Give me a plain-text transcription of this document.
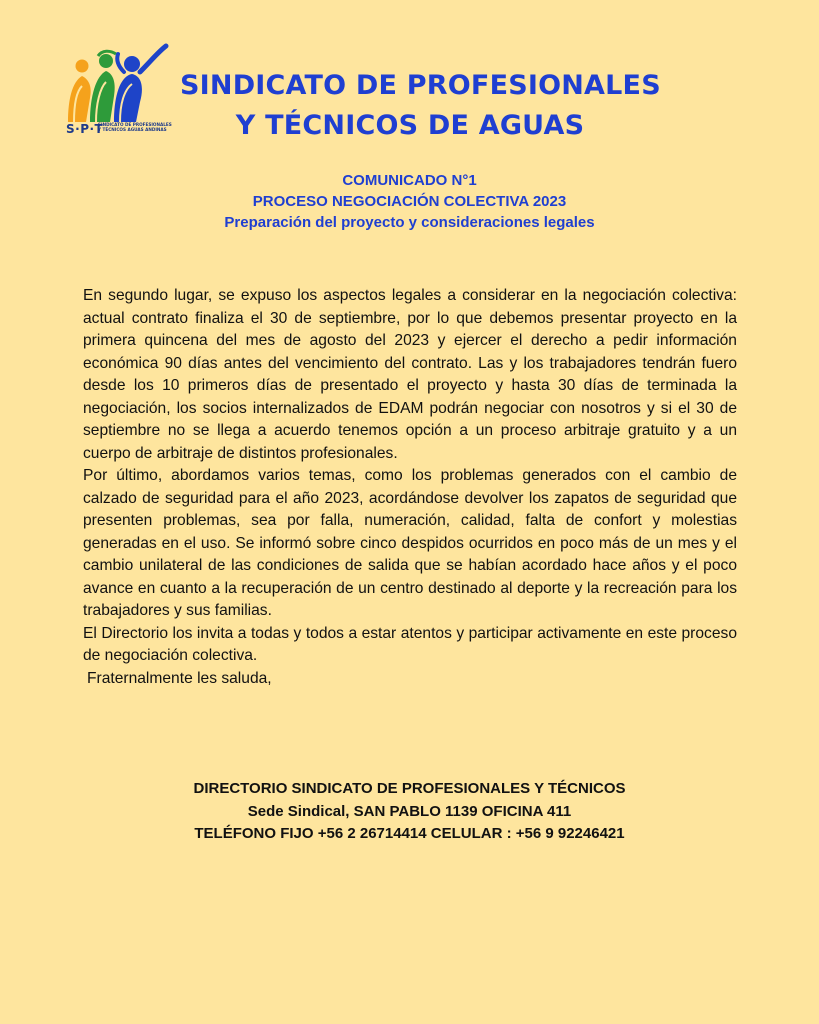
S·P·T
SINDICATO DE PROFESIONALES
Y TÉCNICOS AGUAS ANDINAS
SINDICATO DE PROFESIONALES
Y TÉCNICOS DE AGUAS
COMUNICADO N°1
PROCESO NEGOCIACIÓN COLECTIVA 2023
Preparación del proyecto y consideraciones legales

En segundo lugar, se expuso los aspectos legales a considerar en la negociación colectiva: actual contrato finaliza el 30 de septiembre, por lo que debemos presentar proyecto en la primera quincena del mes de agosto del 2023 y ejercer el derecho a pedir información económica 90 días antes del vencimiento del contrato. Las y los trabajadores tendrán fuero desde los 10 primeros días de presentado el proyecto y hasta 30 días de terminada la negociación, los socios internalizados de EDAM podrán negociar con nosotros y si el 30 de septiembre no se llega a acuerdo tenemos opción a un proceso arbitraje gratuito y a un cuerpo de arbitraje de distintos profesionales.

Por último, abordamos varios temas, como los problemas generados con el cambio de calzado de seguridad para el año 2023, acordándose devolver los zapatos de seguridad que presenten problemas, sea por falla, numeración, calidad, falta de confort y molestias generadas en el uso. Se informó sobre cinco despidos ocurridos en poco más de un mes y el cambio unilateral de las condiciones de salida que se habían acordado hace años y el poco avance en cuanto a la recuperación de un centro destinado al deporte y la recreación para los trabajadores y sus familias.

El Directorio los invita a todas y todos a estar atentos y participar activamente en este proceso de negociación colectiva.

Fraternalmente les saluda,

DIRECTORIO SINDICATO DE PROFESIONALES Y TÉCNICOS
Sede Sindical, SAN PABLO 1139 OFICINA 411
TELÉFONO FIJO +56 2 26714414 CELULAR : +56 9 92246421
